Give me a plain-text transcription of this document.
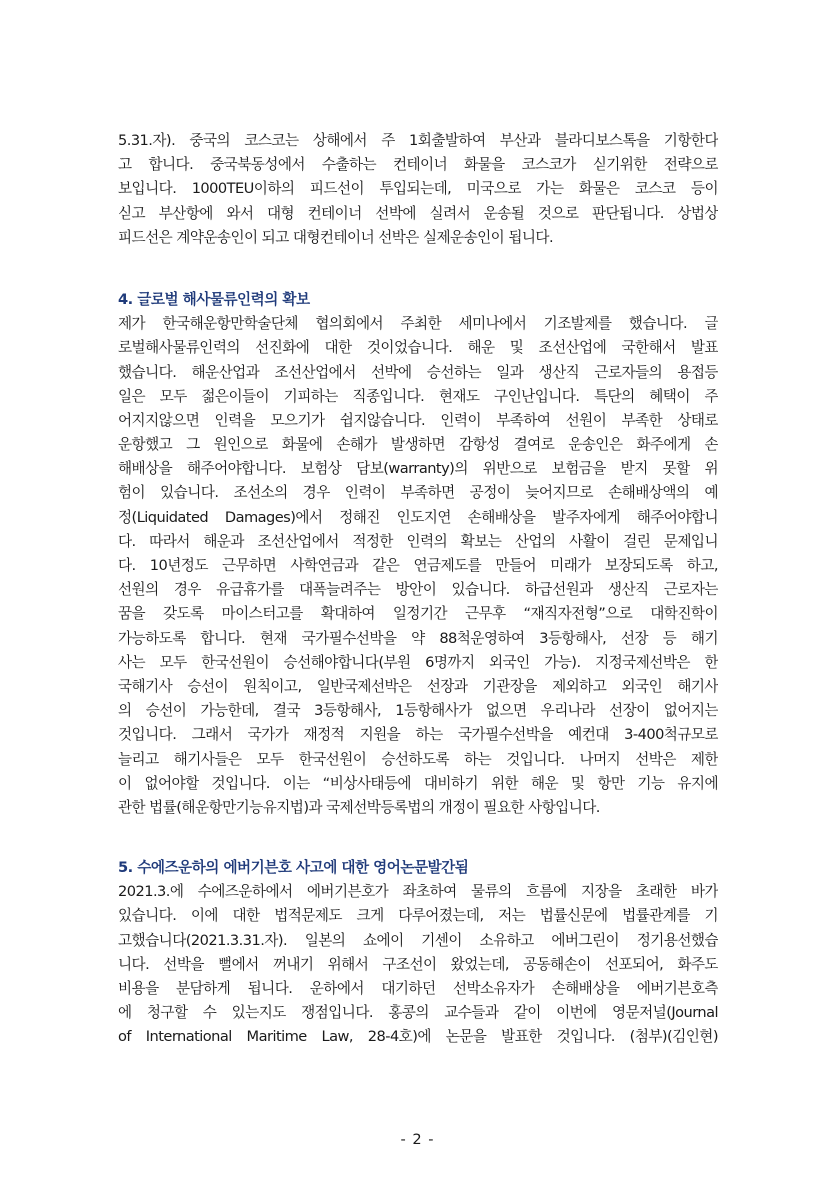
5.31.자). 중국의 코스코는 상해에서 주 1회출발하여 부산과 블라디보스톡을 기항한다
고 합니다. 중국북동성에서 수출하는 컨테이너 화물을 코스코가 싣기위한 전략으로
보입니다. 1000TEU이하의 피드선이 투입되는데, 미국으로 가는 화물은 코스코 등이
싣고 부산항에 와서 대형 컨테이너 선박에 실려서 운송될 것으로 판단됩니다. 상법상
피드선은 계약운송인이 되고 대형컨테이너 선박은 실제운송인이 됩니다.
4. 글로벌 해사물류인력의 확보
제가 한국해운항만학술단체 협의회에서 주최한 세미나에서 기조발제를 했습니다. 글
로벌해사물류인력의 선진화에 대한 것이었습니다. 해운 및 조선산업에 국한해서 발표
했습니다. 해운산업과 조선산업에서 선박에 승선하는 일과 생산직 근로자들의 용접등
일은 모두 젊은이들이 기피하는 직종입니다. 현재도 구인난입니다. 특단의 혜택이 주
어지지않으면 인력을 모으기가 쉽지않습니다. 인력이 부족하여 선원이 부족한 상태로
운항했고 그 원인으로 화물에 손해가 발생하면 감항성 결여로 운송인은 화주에게 손
해배상을 해주어야합니다. 보험상 담보(warranty)의 위반으로 보험금을 받지 못할 위
험이 있습니다. 조선소의 경우 인력이 부족하면 공정이 늦어지므로 손해배상액의 예
정(Liquidated Damages)에서 정해진 인도지연 손해배상을 발주자에게 해주어야합니
다. 따라서 해운과 조선산업에서 적정한 인력의 확보는 산업의 사활이 걸린 문제입니
다. 10년정도 근무하면 사학연금과 같은 연금제도를 만들어 미래가 보장되도록 하고,
선원의 경우 유급휴가를 대폭늘려주는 방안이 있습니다. 하급선원과 생산직 근로자는
꿈을 갖도록 마이스터고를 확대하여 일정기간 근무후 “재직자전형”으로 대학진학이
가능하도록 합니다. 현재 국가필수선박을 약 88척운영하여 3등항해사, 선장 등 해기
사는 모두 한국선원이 승선해야합니다(부원 6명까지 외국인 가능). 지정국제선박은 한
국해기사 승선이 원칙이고, 일반국제선박은 선장과 기관장을 제외하고 외국인 해기사
의 승선이 가능한데, 결국 3등항해사, 1등항해사가 없으면 우리나라 선장이 없어지는
것입니다. 그래서 국가가 재정적 지원을 하는 국가필수선박을 예컨대 3-400척규모로
늘리고 해기사들은 모두 한국선원이 승선하도록 하는 것입니다. 나머지 선박은 제한
이 없어야할 것입니다. 이는 “비상사태등에 대비하기 위한 해운 및 항만 기능 유지에
관한 법률(해운항만기능유지법)과 국제선박등록법의 개정이 필요한 사항입니다.
5. 수에즈운하의 에버기븐호 사고에 대한 영어논문발간됨
2021.3.에 수에즈운하에서 에버기븐호가 좌초하여 물류의 흐름에 지장을 초래한 바가
있습니다. 이에 대한 법적문제도 크게 다루어졌는데, 저는 법률신문에 법률관계를 기
고했습니다(2021.3.31.자). 일본의 쇼에이 기센이 소유하고 에버그린이 정기용선했습
니다. 선박을 뻘에서 꺼내기 위해서 구조선이 왔었는데, 공동해손이 선포되어, 화주도
비용을 분담하게 됩니다. 운하에서 대기하던 선박소유자가 손해배상을 에버기븐호측
에 청구할 수 있는지도 쟁점입니다. 홍콩의 교수들과 같이 이번에 영문저널(Journal
of International Maritime Law, 28-4호)에 논문을 발표한 것입니다. (첨부)(김인현)
- 2 -
